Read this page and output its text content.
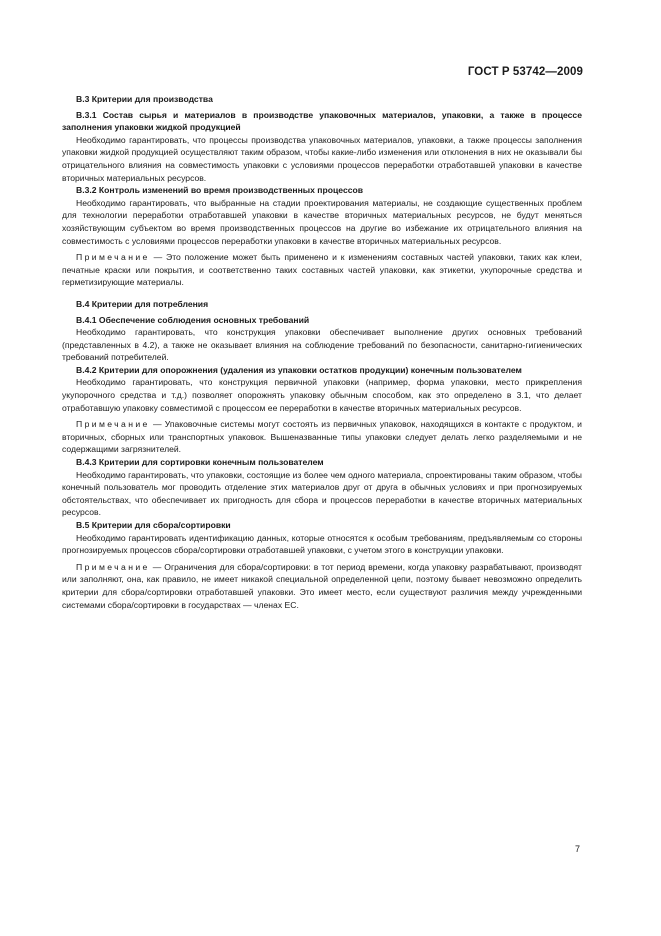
ГОСТ Р 53742—2009

В.3 Критерии для производства

В.3.1 Состав сырья и материалов в производстве упаковочных материалов, упаковки, а также в процессе заполнения упаковки жидкой продукцией

Необходимо гарантировать, что процессы производства упаковочных материалов, упаковки, а также процессы заполнения упаковки жидкой продукцией осуществляют таким образом, чтобы какие-либо изменения или отклонения в них не оказывали бы отрицательного влияния на совместимость упаковки с условиями процессов переработки отработавшей упаковки в качестве вторичных материальных ресурсов.

В.3.2 Контроль изменений во время производственных процессов

Необходимо гарантировать, что выбранные на стадии проектирования материалы, не создающие существенных проблем для технологии переработки отработавшей упаковки в качестве вторичных материальных ресурсов, не будут меняться хозяйствующим субъектом во время производственных процессов на другие во избежание их отрицательного влияния на совместимость с условиями процессов переработки упаковки в качестве вторичных материальных ресурсов.

Примечание — Это положение может быть применено и к изменениям составных частей упаковки, таких как клеи, печатные краски или покрытия, и соответственно таких составных частей упаковки, как этикетки, укупорочные средства и герметизирующие материалы.

В.4 Критерии для потребления

В.4.1 Обеспечение соблюдения основных требований

Необходимо гарантировать, что конструкция упаковки обеспечивает выполнение других основных требований (представленных в 4.2), а также не оказывает влияния на соблюдение требований по безопасности, санитарно-гигиенических требований потребителей.

В.4.2 Критерии для опорожнения (удаления из упаковки остатков продукции) конечным пользователем

Необходимо гарантировать, что конструкция первичной упаковки (например, форма упаковки, место прикрепления укупорочного средства и т.д.) позволяет опорожнять упаковку обычным способом, как это определено в 3.1, что делает отработавшую упаковку совместимой с процессом ее переработки в качестве вторичных материальных ресурсов.

Примечание — Упаковочные системы могут состоять из первичных упаковок, находящихся в контакте с продуктом, и вторичных, сборных или транспортных упаковок. Вышеназванные типы упаковки следует делать легко разделяемыми и не содержащими загрязнителей.

В.4.3 Критерии для сортировки конечным пользователем

Необходимо гарантировать, что упаковки, состоящие из более чем одного материала, спроектированы таким образом, чтобы конечный пользователь мог проводить отделение этих материалов друг от друга в обычных условиях и при прогнозируемых обстоятельствах, что обеспечивает их пригодность для сбора и процессов переработки в качестве вторичных материальных ресурсов.

В.5 Критерии для сбора/сортировки

Необходимо гарантировать идентификацию данных, которые относятся к особым требованиям, предъявляемым со стороны прогнозируемых процессов сбора/сортировки отработавшей упаковки, с учетом этого в конструкции упаковки.

Примечание — Ограничения для сбора/сортировки: в тот период времени, когда упаковку разрабатывают, производят или заполняют, она, как правило, не имеет никакой специальной определенной цепи, поэтому бывает невозможно определить критерии для сбора/сортировки отработавшей упаковки. Это имеет место, если существуют различия между учрежденными системами сбора/сортировки в государствах — членах ЕС.

7
